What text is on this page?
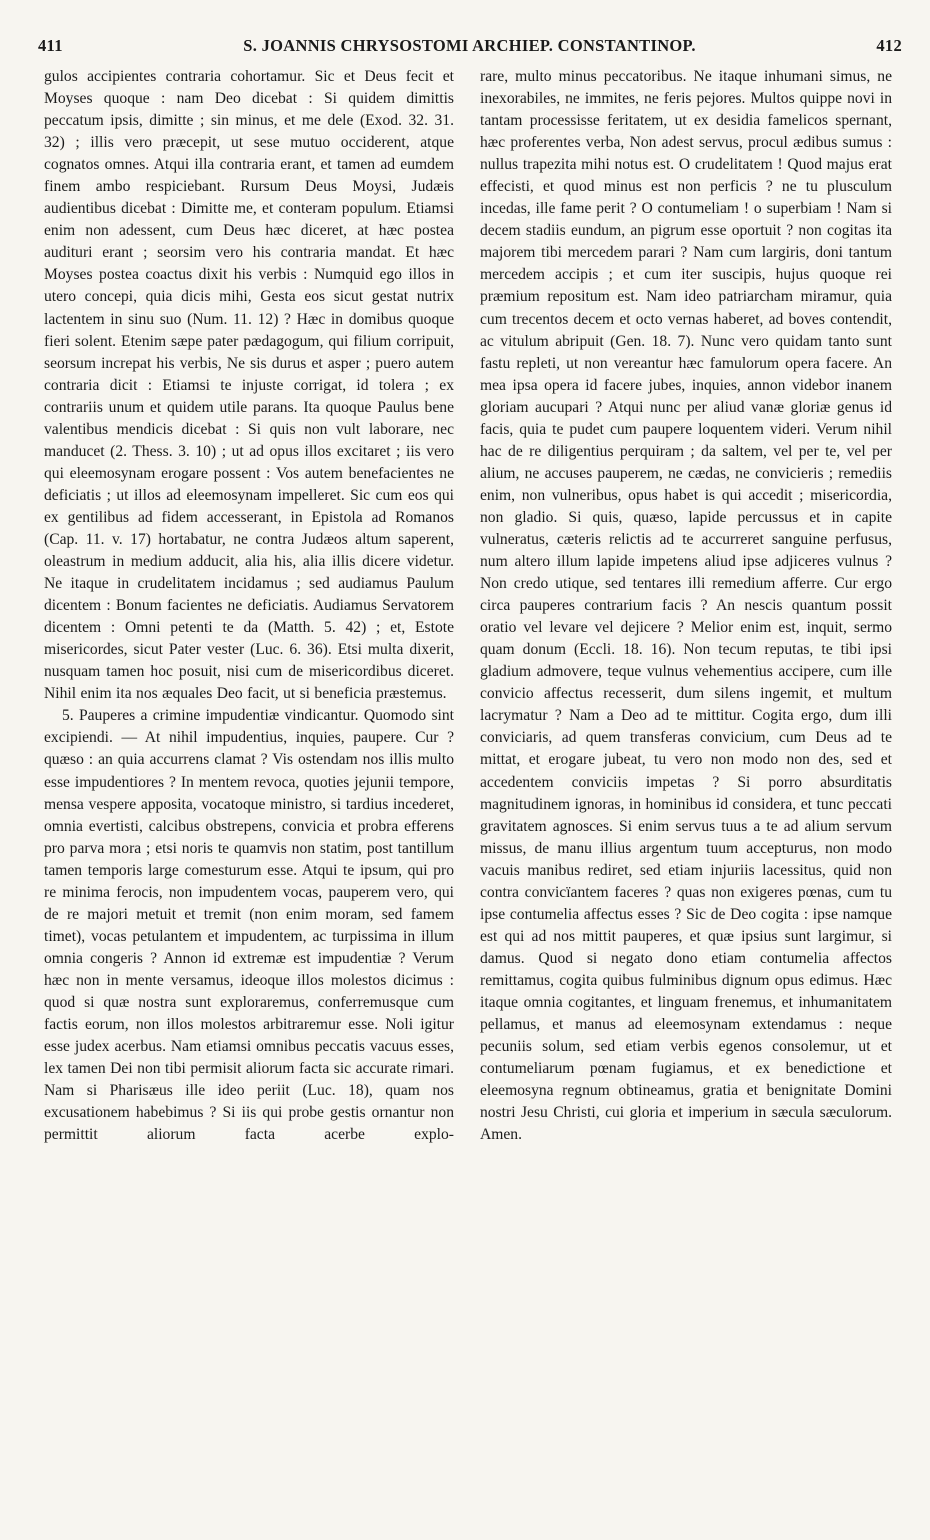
411	S. JOANNIS CHRYSOSTOMI ARCHIEP. CONSTANTINOP.	412

gulos accipientes contraria cohortamur. Sic et Deus fecit et Moyses quoque : nam Deo dicebat : Si quidem dimittis peccatum ipsis, dimitte ; sin minus, et me dele (Exod. 32. 31. 32) ; illis vero præcepit, ut sese mutuo occiderent, atque cognatos omnes. Atqui illa contraria erant, et tamen ad eumdem finem ambo respiciebant. Rursum Deus Moysi, Judæis audientibus dicebat : Dimitte me, et conteram populum. Etiamsi enim non adessent, cum Deus hæc diceret, at hæc postea audituri erant ; seorsim vero his contraria mandat. Et hæc Moyses postea coactus dixit his verbis : Numquid ego illos in utero concepi, quia dicis mihi, Gesta eos sicut gestat nutrix lactentem in sinu suo (Num. 11. 12) ? Hæc in domibus quoque fieri solent. Etenim sæpe pater pædagogum, qui filium corripuit, seorsum increpat his verbis, Ne sis durus et asper ; puero autem contraria dicit : Etiamsi te injuste corrigat, id tolera ; ex contrariis unum et quidem utile parans. Ita quoque Paulus bene valentibus mendicis dicebat : Si quis non vult laborare, nec manducet (2. Thess. 3. 10) ; ut ad opus illos excitaret ; iis vero qui eleemosynam erogare possent : Vos autem benefacientes ne deficiatis ; ut illos ad eleemosynam impelleret. Sic cum eos qui ex gentilibus ad fidem accesserant, in Epistola ad Romanos (Cap. 11. v. 17) hortabatur, ne contra Judæos altum saperent, oleastrum in medium adducit, alia his, alia illis dicere videtur. Ne itaque in crudelitatem incidamus ; sed audiamus Paulum dicentem : Bonum facientes ne deficiatis. Audiamus Servatorem dicentem : Omni petenti te da (Matth. 5. 42) ; et, Estote misericordes, sicut Pater vester (Luc. 6. 36). Etsi multa dixerit, nusquam tamen hoc posuit, nisi cum de misericordibus diceret. Nihil enim ita nos æquales Deo facit, ut si beneficia præstemus.

5. Pauperes a crimine impudentiæ vindicantur. Quomodo sint excipiendi. — At nihil impudentius, inquies, paupere. Cur ? quæso : an quia accurrens clamat ? Vis ostendam nos illis multo esse impudentiores ? In mentem revoca, quoties jejunii tempore, mensa vespere apposita, vocatoque ministro, si tardius incederet, omnia evertisti, calcibus obstrepens, convicia et probra efferens pro parva mora ; etsi noris te quamvis non statim, post tantillum tamen temporis large comesturum esse. Atqui te ipsum, qui pro re minima ferocis, non impudentem vocas, pauperem vero, qui de re majori metuit et tremit (non enim moram, sed famem timet), vocas petulantem et impudentem, ac turpissima in illum omnia congeris ? Annon id extremæ est impudentiæ ? Verum hæc non in mente versamus, ideoque illos molestos dicimus : quod si quæ nostra sunt exploraremus, conferremusque cum factis eorum, non illos molestos arbitraremur esse. Noli igitur esse judex acerbus. Nam etiamsi omnibus peccatis vacuus esses, lex tamen Dei non tibi permisit aliorum facta sic accurate rimari. Nam si Pharisæus ille ideo periit (Luc. 18), quam nos excusationem habebimus ? Si iis qui probe gestis ornantur non permittit aliorum facta acerbe explo-

rare, multo minus peccatoribus. Ne itaque inhumani simus, ne inexorabiles, ne immites, ne feris pejores. Multos quippe novi in tantam processisse feritatem, ut ex desidia famelicos spernant, hæc proferentes verba, Non adest servus, procul ædibus sumus : nullus trapezita mihi notus est. O crudelitatem ! Quod majus erat effecisti, et quod minus est non perficis ? ne tu plusculum incedas, ille fame perit ? O contumeliam ! o superbiam ! Nam si decem stadiis eundum, an pigrum esse oportuit ? non cogitas ita majorem tibi mercedem parari ? Nam cum largiris, doni tantum mercedem accipis ; et cum iter suscipis, hujus quoque rei præmium repositum est. Nam ideo patriarcham miramur, quia cum trecentos decem et octo vernas haberet, ad boves contendit, ac vitulum abripuit (Gen. 18. 7). Nunc vero quidam tanto sunt fastu repleti, ut non vereantur hæc famulorum opera facere. An mea ipsa opera id facere jubes, inquies, annon videbor inanem gloriam aucupari ? Atqui nunc per aliud vanæ gloriæ genus id facis, quia te pudet cum paupere loquentem videri. Verum nihil hac de re diligentius perquiram ; da saltem, vel per te, vel per alium, ne accuses pauperem, ne cædas, ne convicieris ; remediis enim, non vulneribus, opus habet is qui accedit ; misericordia, non gladio. Si quis, quæso, lapide percussus et in capite vulneratus, cæteris relictis ad te accurreret sanguine perfusus, num altero illum lapide impetens aliud ipse adjiceres vulnus ? Non credo utique, sed tentares illi remedium afferre. Cur ergo circa pauperes contrarium facis ? An nescis quantum possit oratio vel levare vel dejicere ? Melior enim est, inquit, sermo quam donum (Eccli. 18. 16). Non tecum reputas, te tibi ipsi gladium admovere, teque vulnus vehementius accipere, cum ille convicio affectus recesserit, dum silens ingemit, et multum lacrymatur ? Nam a Deo ad te mittitur. Cogita ergo, dum illi conviciaris, ad quem transferas convicium, cum Deus ad te mittat, et erogare jubeat, tu vero non modo non des, sed et accedentem conviciis impetas ? Si porro absurditatis magnitudinem ignoras, in hominibus id considera, et tunc peccati gravitatem agnosces. Si enim servus tuus a te ad alium servum missus, de manu illius argentum tuum accepturus, non modo vacuis manibus rediret, sed etiam injuriis lacessitus, quid non contra convicïantem faceres ? quas non exigeres pœnas, cum tu ipse contumelia affectus esses ? Sic de Deo cogita : ipse namque est qui ad nos mittit pauperes, et quæ ipsius sunt largimur, si damus. Quod si negato dono etiam contumelia affectos remittamus, cogita quibus fulminibus dignum opus edimus. Hæc itaque omnia cogitantes, et linguam frenemus, et inhumanitatem pellamus, et manus ad eleemosynam extendamus : neque pecuniis solum, sed etiam verbis egenos consolemur, ut et contumeliarum pœnam fugiamus, et ex benedictione et eleemosyna regnum obtineamus, gratia et benignitate Domini nostri Jesu Christi, cui gloria et imperium in sæcula sæculorum. Amen.
